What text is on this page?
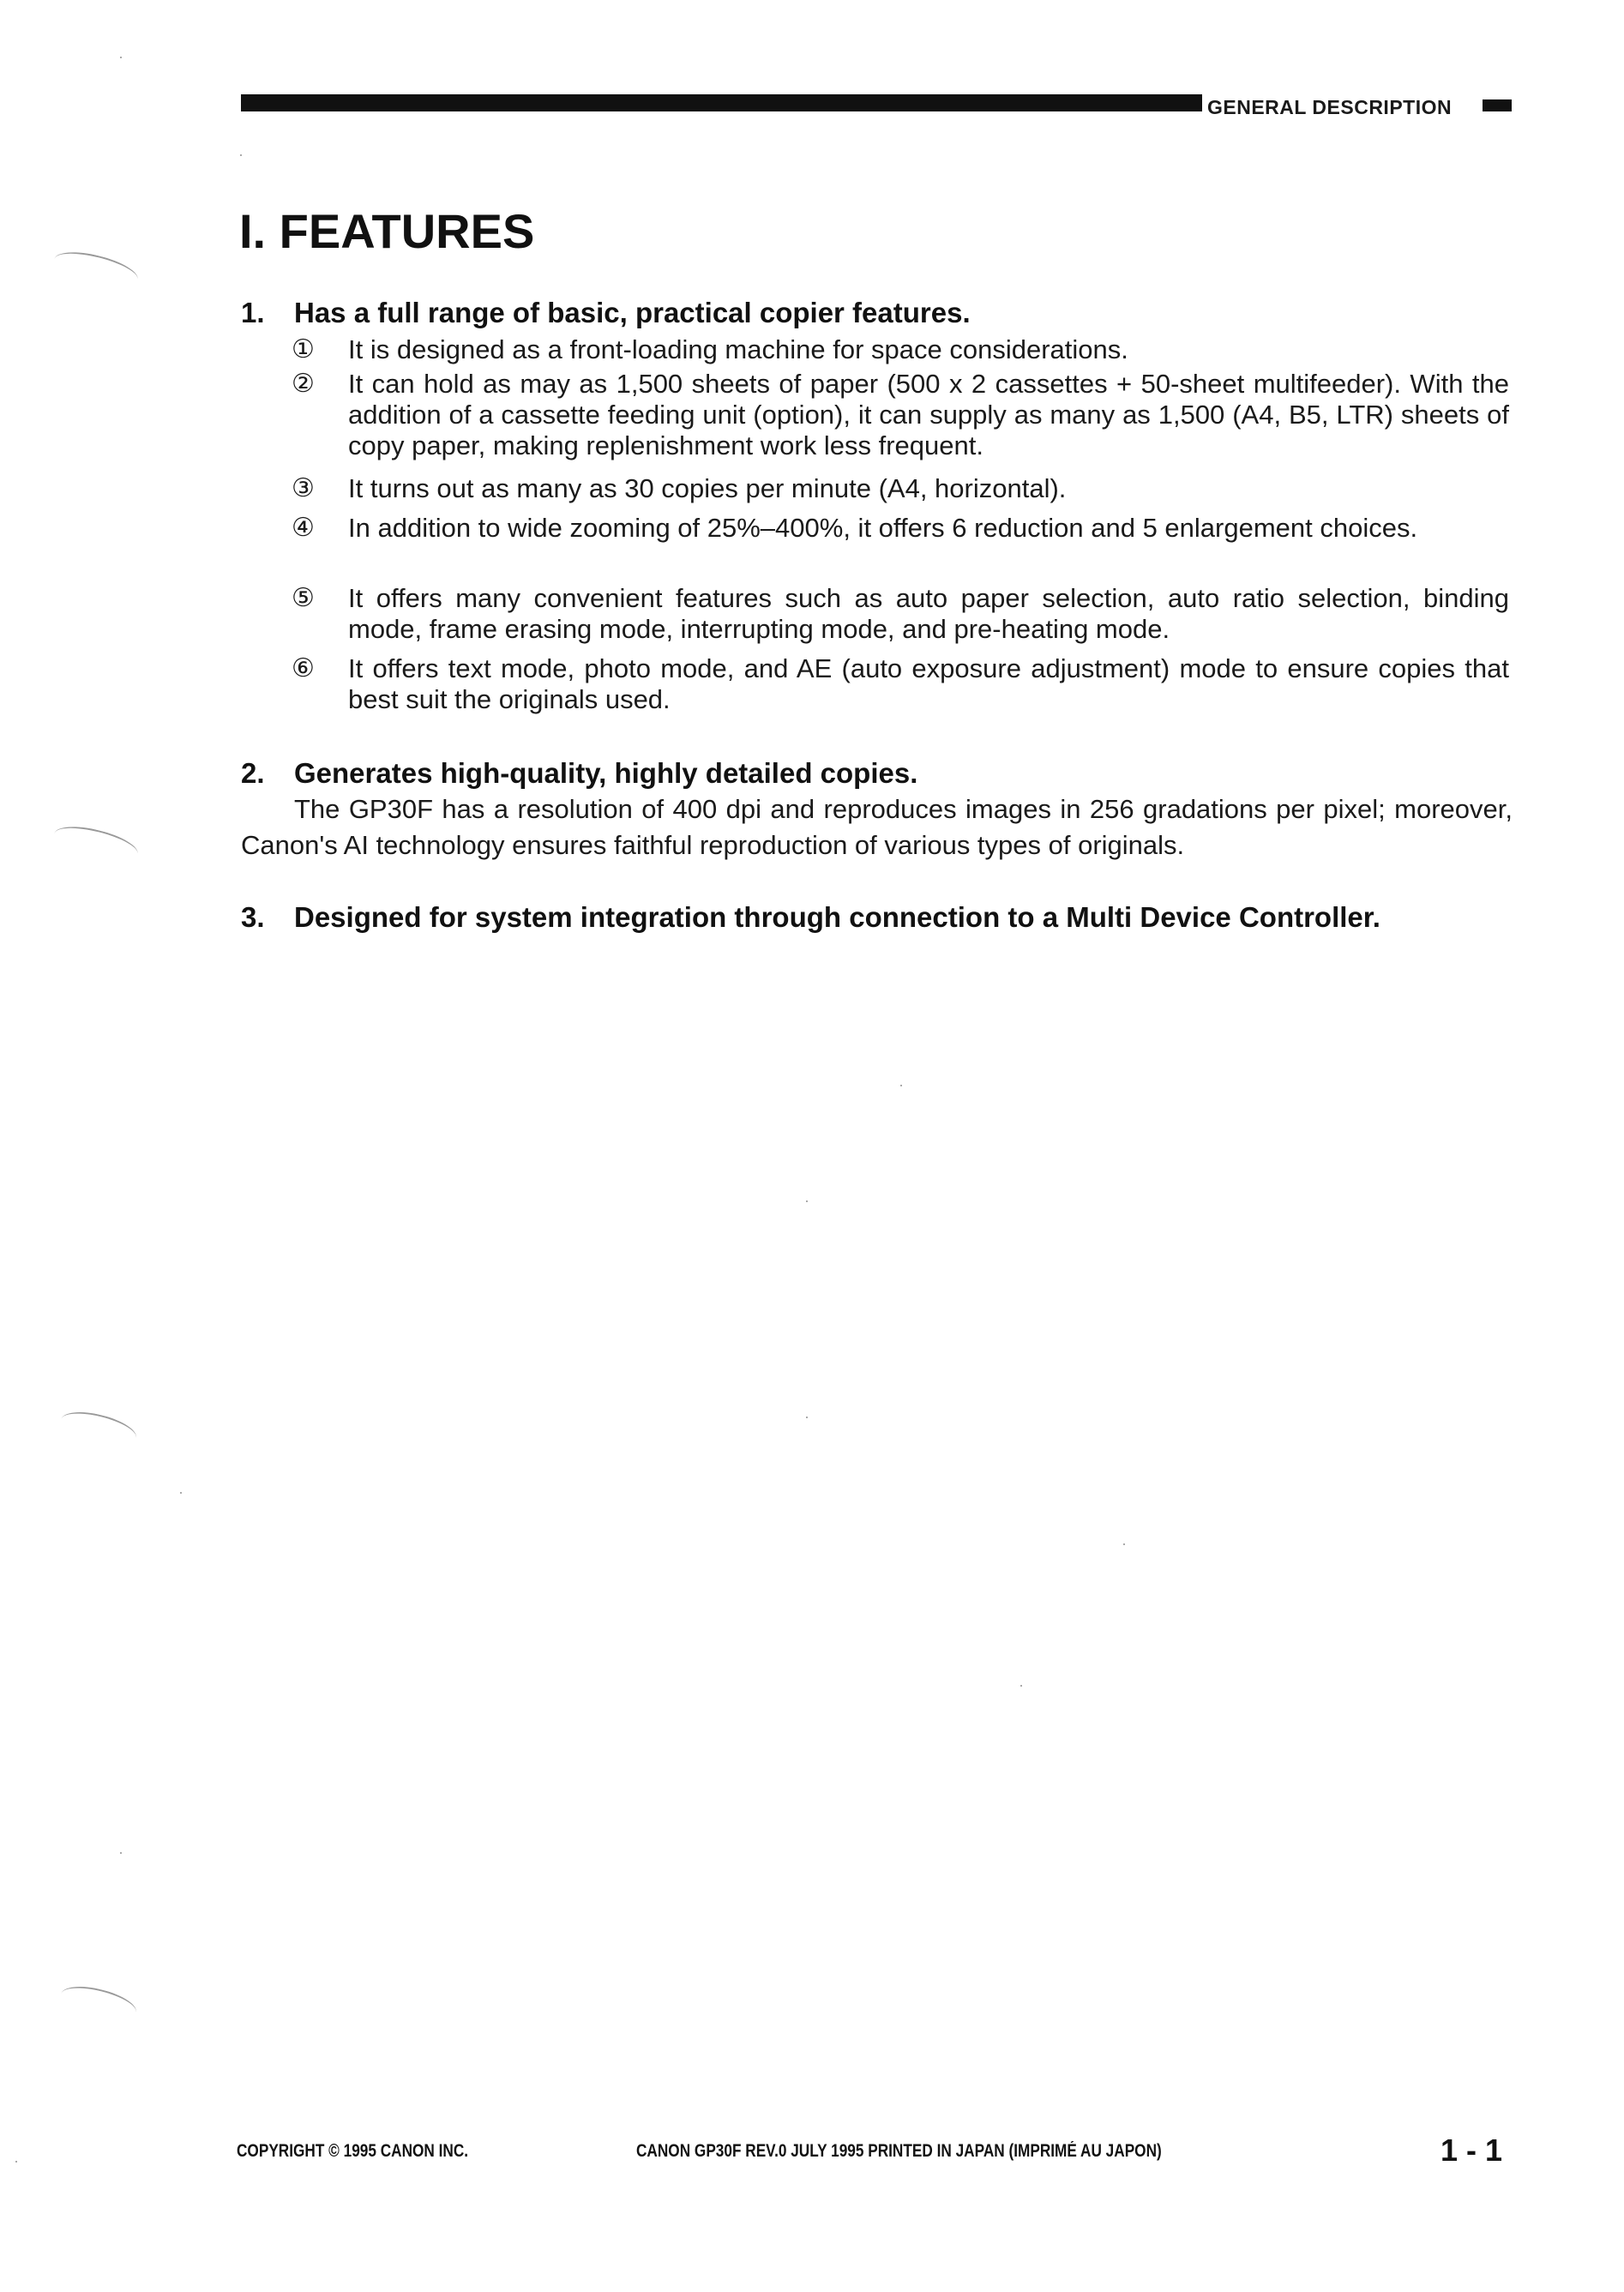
GENERAL DESCRIPTION
I. FEATURES
1. Has a full range of basic, practical copier features.
① It is designed as a front-loading machine for space considerations.
② It can hold as may as 1,500 sheets of paper (500 x 2 cassettes + 50-sheet multifeeder). With the addition of a cassette feeding unit (option), it can supply as many as 1,500 (A4, B5, LTR) sheets of copy paper, making replenishment work less frequent.
③ It turns out as many as 30 copies per minute (A4, horizontal).
④ In addition to wide zooming of 25%–400%, it offers 6 reduction and 5 enlargement choices.
⑤ It offers many convenient features such as auto paper selection, auto ratio selection, binding mode, frame erasing mode, interrupting mode, and pre-heating mode.
⑥ It offers text mode, photo mode, and AE (auto exposure adjustment) mode to ensure copies that best suit the originals used.
2. Generates high-quality, highly detailed copies.
The GP30F has a resolution of 400 dpi and reproduces images in 256 gradations per pixel; moreover, Canon's AI technology ensures faithful reproduction of various types of originals.
3. Designed for system integration through connection to a Multi Device Controller.
COPYRIGHT © 1995 CANON INC.	CANON GP30F REV.0 JULY 1995 PRINTED IN JAPAN (IMPRIMÉ AU JAPON)	1 - 1
